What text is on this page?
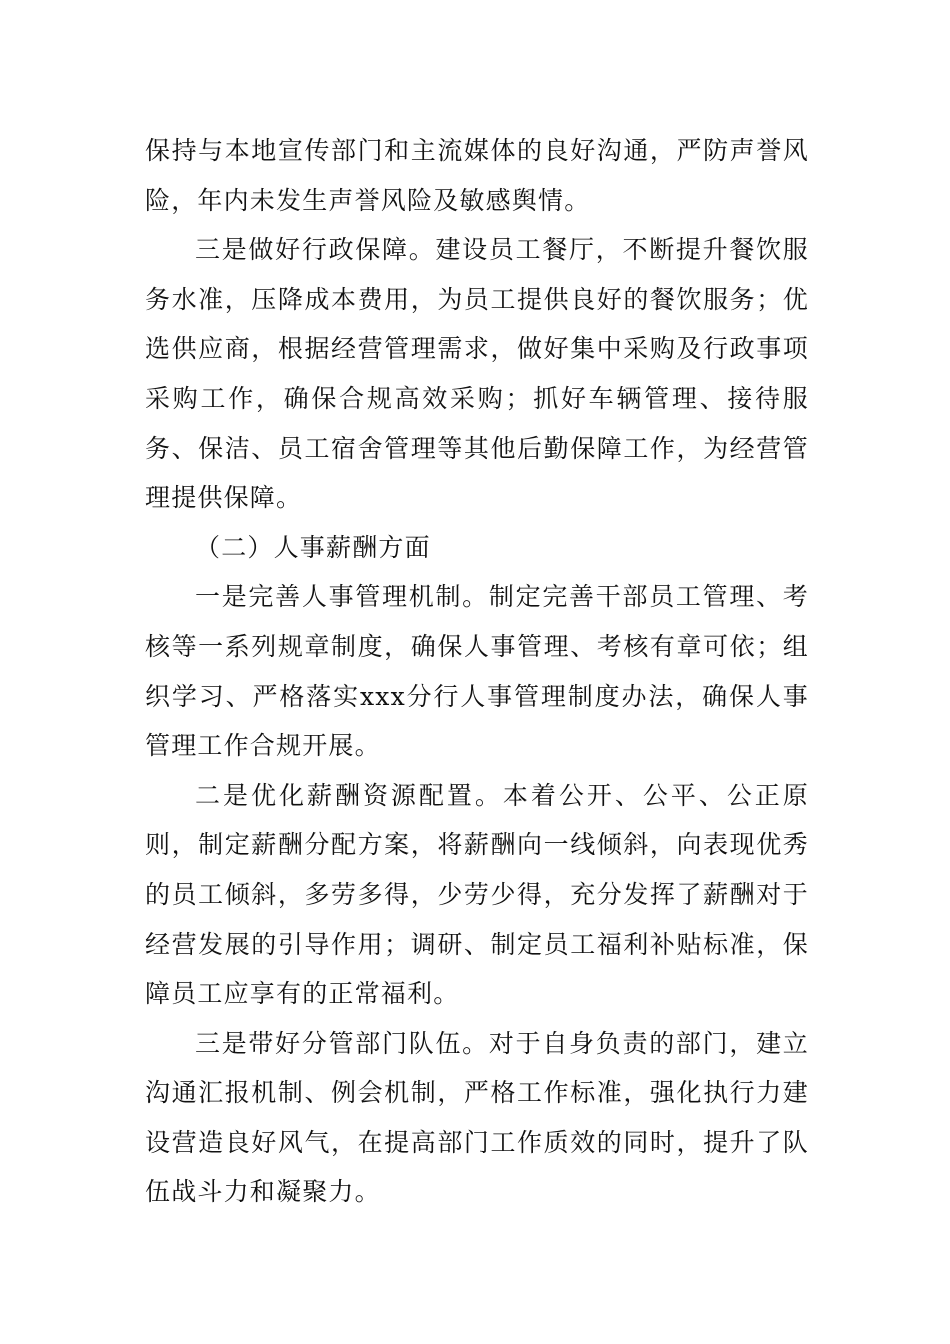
保持与本地宣传部门和主流媒体的良好沟通，严防声誉风险，年内未发生声誉风险及敏感舆情。

三是做好行政保障。建设员工餐厅，不断提升餐饮服务水准，压降成本费用，为员工提供良好的餐饮服务；优选供应商，根据经营管理需求，做好集中采购及行政事项采购工作，确保合规高效采购；抓好车辆管理、接待服务、保洁、员工宿舍管理等其他后勤保障工作，为经营管理提供保障。

（二）人事薪酬方面

一是完善人事管理机制。制定完善干部员工管理、考核等一系列规章制度，确保人事管理、考核有章可依；组织学习、严格落实xxx分行人事管理制度办法，确保人事管理工作合规开展。

二是优化薪酬资源配置。本着公开、公平、公正原则，制定薪酬分配方案，将薪酬向一线倾斜，向表现优秀的员工倾斜，多劳多得，少劳少得，充分发挥了薪酬对于经营发展的引导作用；调研、制定员工福利补贴标准，保障员工应享有的正常福利。

三是带好分管部门队伍。对于自身负责的部门，建立沟通汇报机制、例会机制，严格工作标准，强化执行力建设营造良好风气，在提高部门工作质效的同时，提升了队伍战斗力和凝聚力。
